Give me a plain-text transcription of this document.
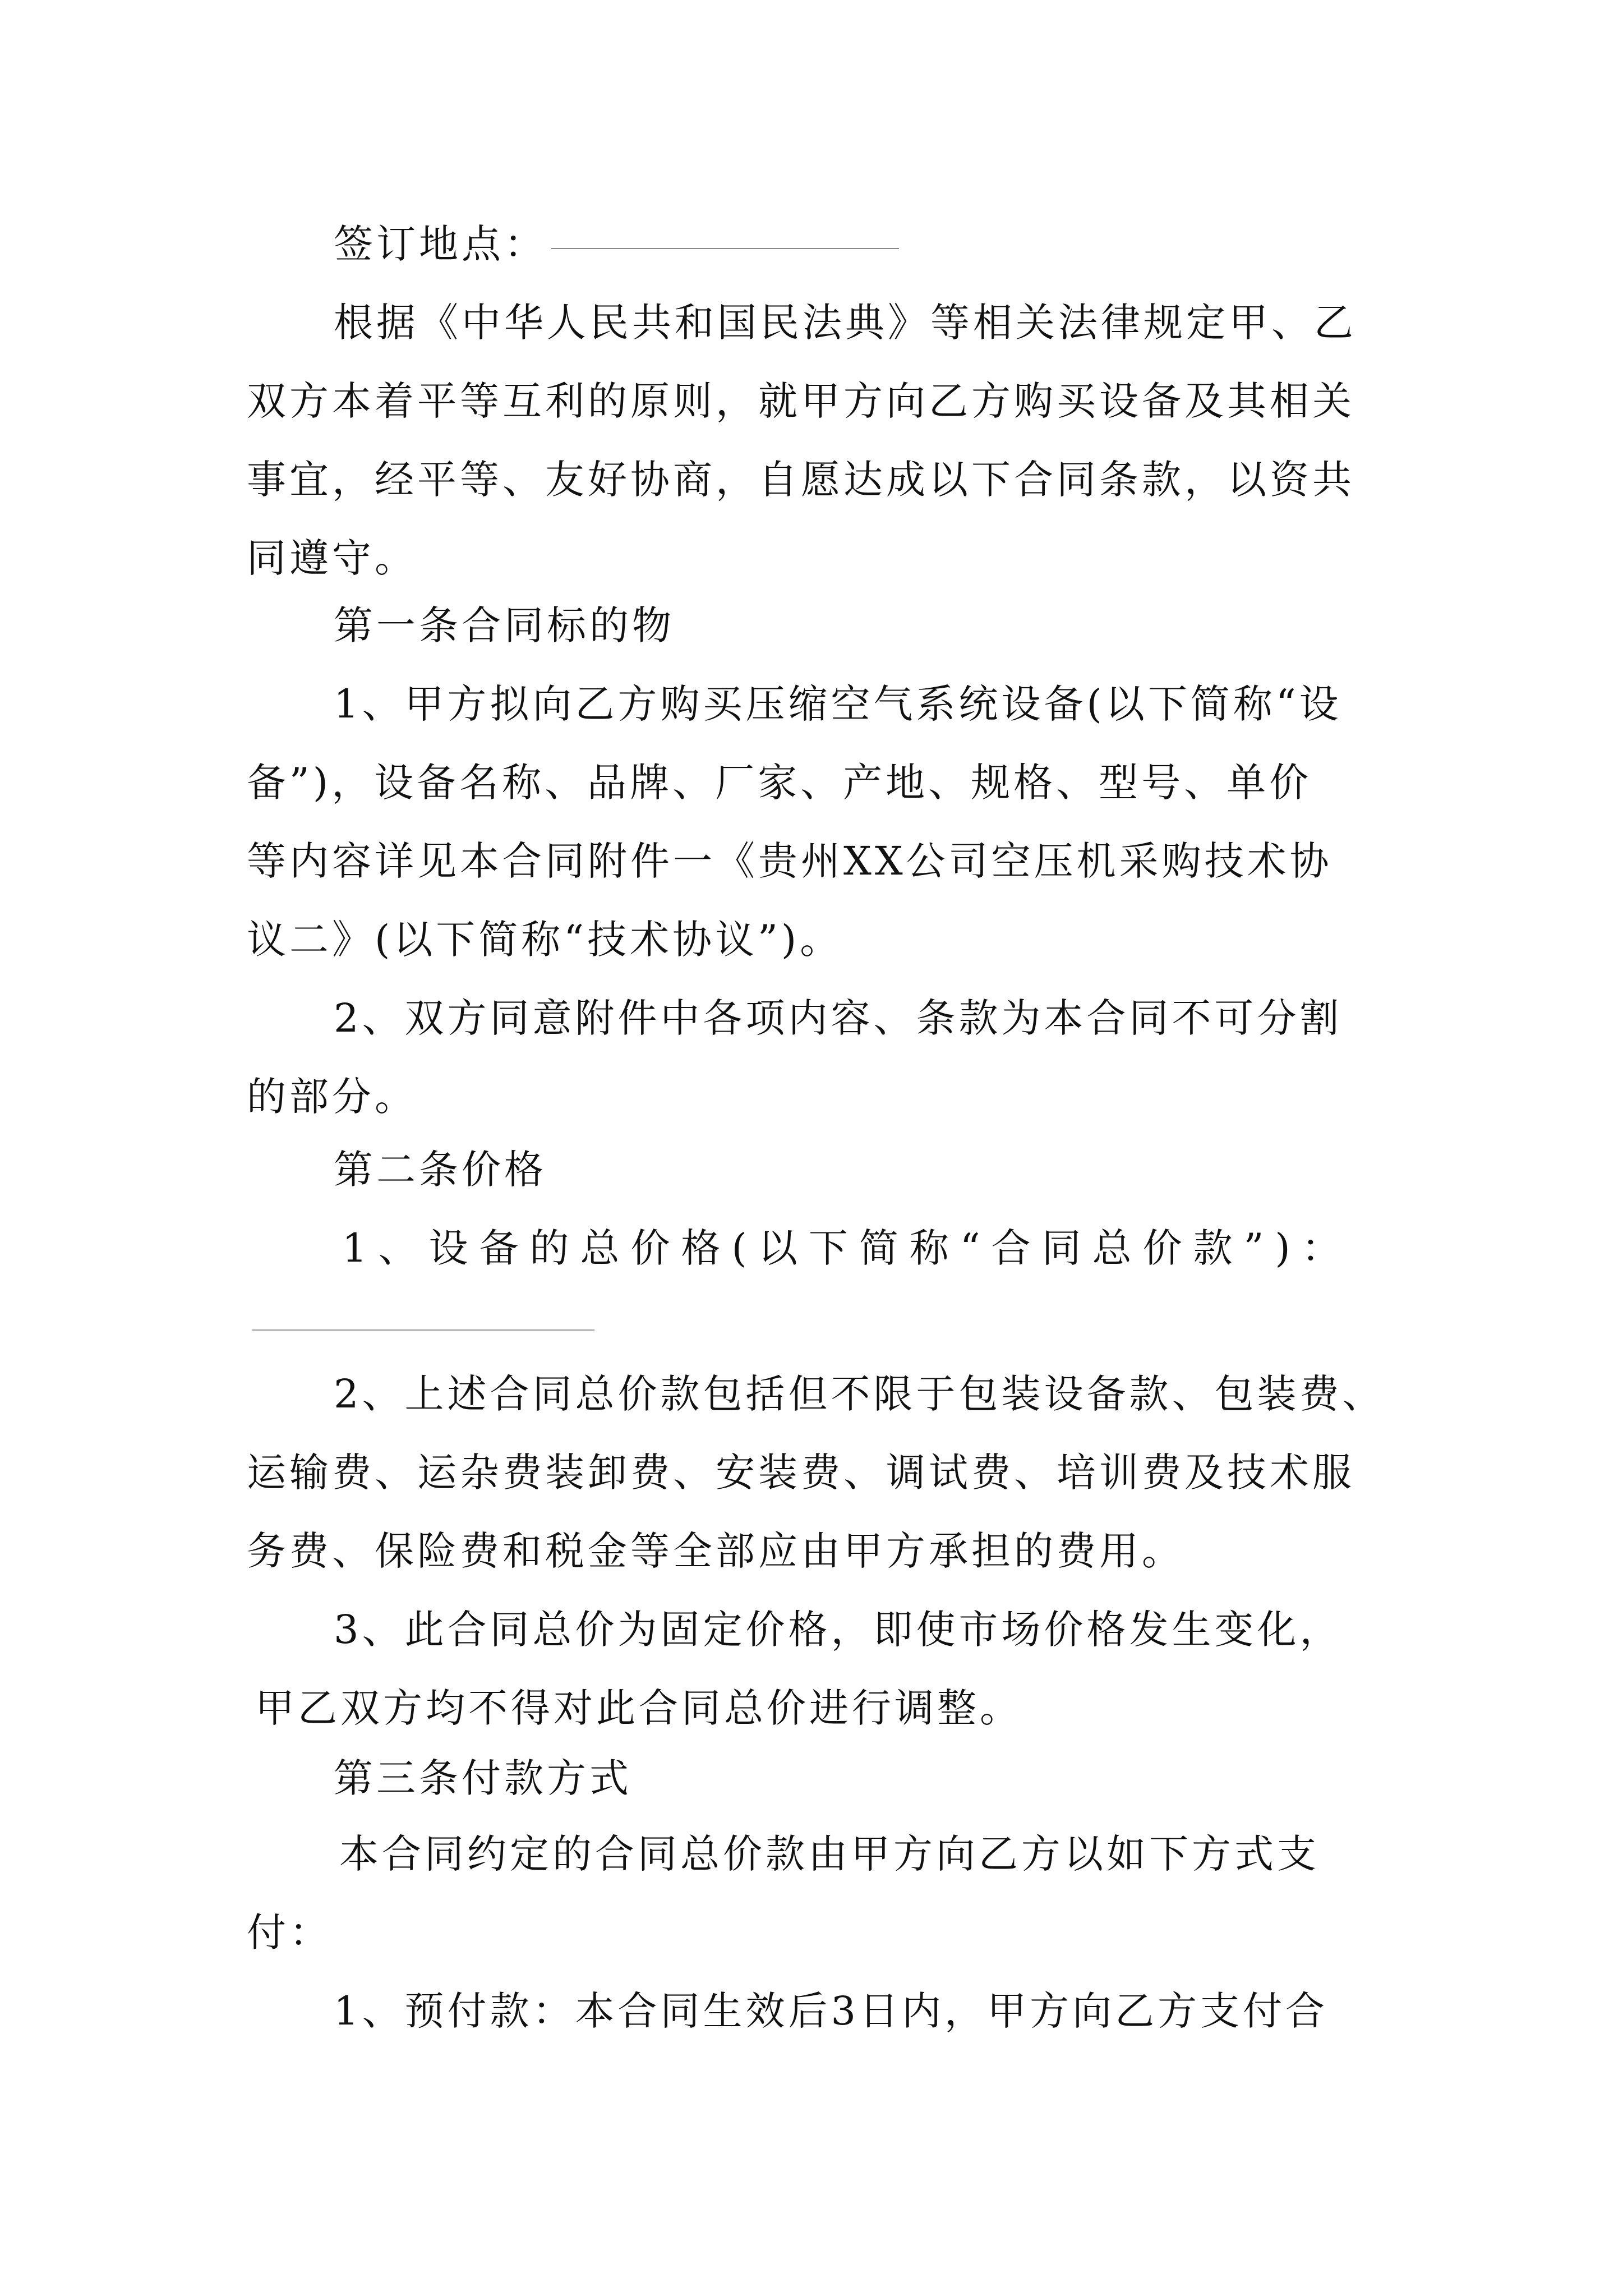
签订地点：
根据《中华人民共和国民法典》等相关法律规定甲、乙
双方本着平等互利的原则，就甲方向乙方购买设备及其相关
事宜，经平等、友好协商，自愿达成以下合同条款，以资共
同遵守。
第一条合同标的物
1、甲方拟向乙方购买压缩空气系统设备(以下简称“设
备”)，设备名称、品牌、厂家、产地、规格、型号、单价
等内容详见本合同附件一《贵州XX公司空压机采购技术协
议二》(以下简称“技术协议”)。
2、双方同意附件中各项内容、条款为本合同不可分割
的部分。
第二条价格
1、设备的总价格(以下简称“合同总价款”)：
2、上述合同总价款包括但不限于包装设备款、包装费、
运输费、运杂费装卸费、安装费、调试费、培训费及技术服
务费、保险费和税金等全部应由甲方承担的费用。
3、此合同总价为固定价格，即使市场价格发生变化，
甲乙双方均不得对此合同总价进行调整。
第三条付款方式
本合同约定的合同总价款由甲方向乙方以如下方式支
付：
1、预付款：本合同生效后3日内，甲方向乙方支付合
